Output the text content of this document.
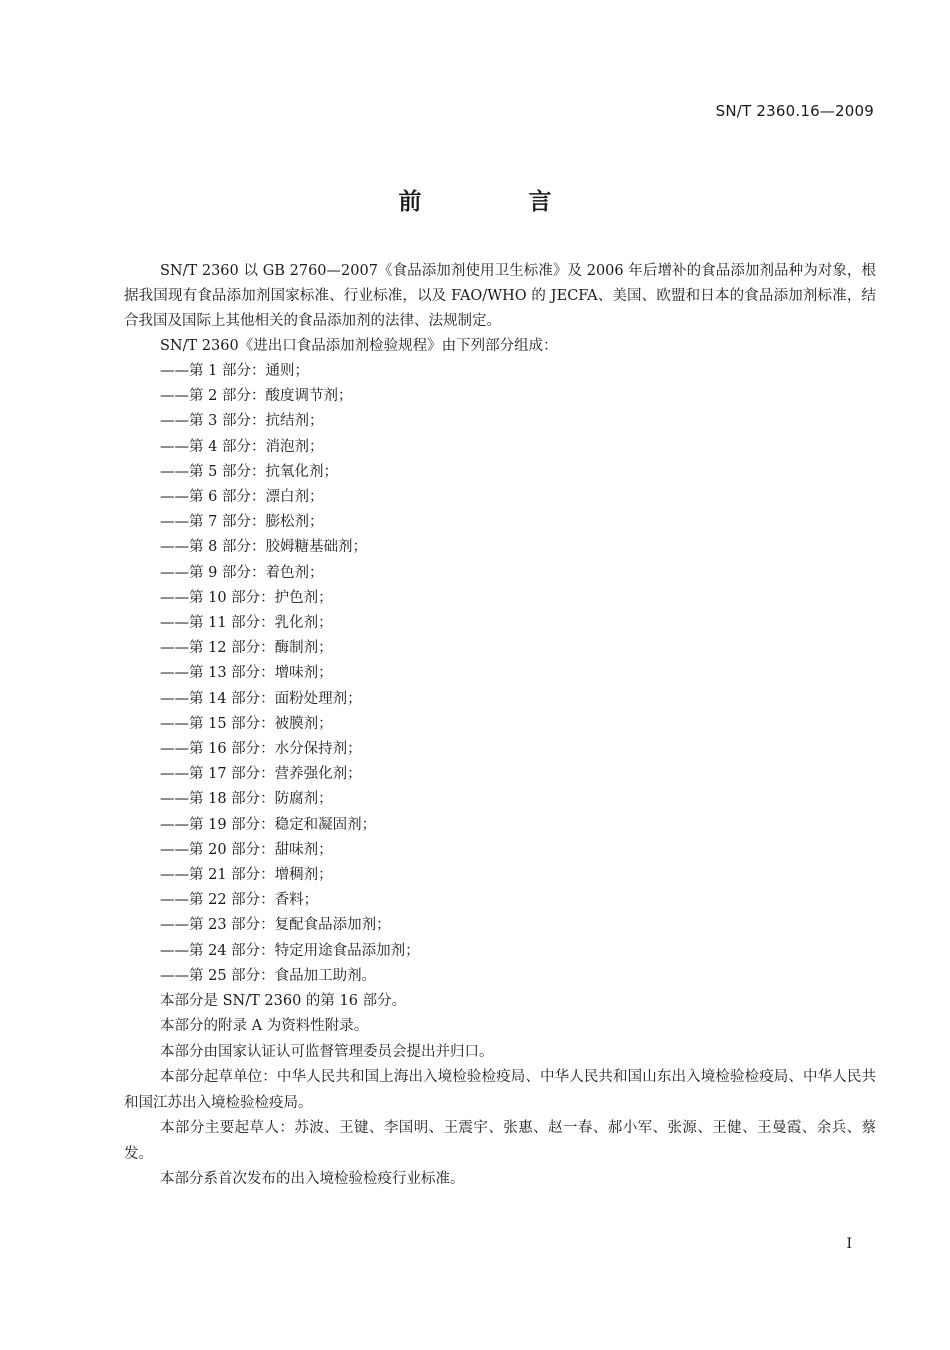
SN/T 2360.16—2009
前　言

SN/T 2360 以 GB 2760—2007《食品添加剂使用卫生标准》及 2006 年后增补的食品添加剂品种为对象，根据我国现有食品添加剂国家标准、行业标准，以及 FAO/WHO 的 JECFA、美国、欧盟和日本的食品添加剂标准，结合我国及国际上其他相关的食品添加剂的法律、法规制定。

SN/T 2360《进出口食品添加剂检验规程》由下列部分组成：

——第 1 部分：通则；
——第 2 部分：酸度调节剂；
——第 3 部分：抗结剂；
——第 4 部分：消泡剂；
——第 5 部分：抗氧化剂；
——第 6 部分：漂白剂；
——第 7 部分：膨松剂；
——第 8 部分：胶姆糖基础剂；
——第 9 部分：着色剂；
——第 10 部分：护色剂；
——第 11 部分：乳化剂；
——第 12 部分：酶制剂；
——第 13 部分：增味剂；
——第 14 部分：面粉处理剂；
——第 15 部分：被膜剂；
——第 16 部分：水分保持剂；
——第 17 部分：营养强化剂；
——第 18 部分：防腐剂；
——第 19 部分：稳定和凝固剂；
——第 20 部分：甜味剂；
——第 21 部分：增稠剂；
——第 22 部分：香料；
——第 23 部分：复配食品添加剂；
——第 24 部分：特定用途食品添加剂；
——第 25 部分：食品加工助剂。

本部分是 SN/T 2360 的第 16 部分。

本部分的附录 A 为资料性附录。

本部分由国家认证认可监督管理委员会提出并归口。

本部分起草单位：中华人民共和国上海出入境检验检疫局、中华人民共和国山东出入境检验检疫局、中华人民共和国江苏出入境检验检疫局。

本部分主要起草人：苏波、王键、李国明、王震宇、张惠、赵一春、郝小军、张源、王健、王曼霞、余兵、蔡发。

本部分系首次发布的出入境检验检疫行业标准。

I
